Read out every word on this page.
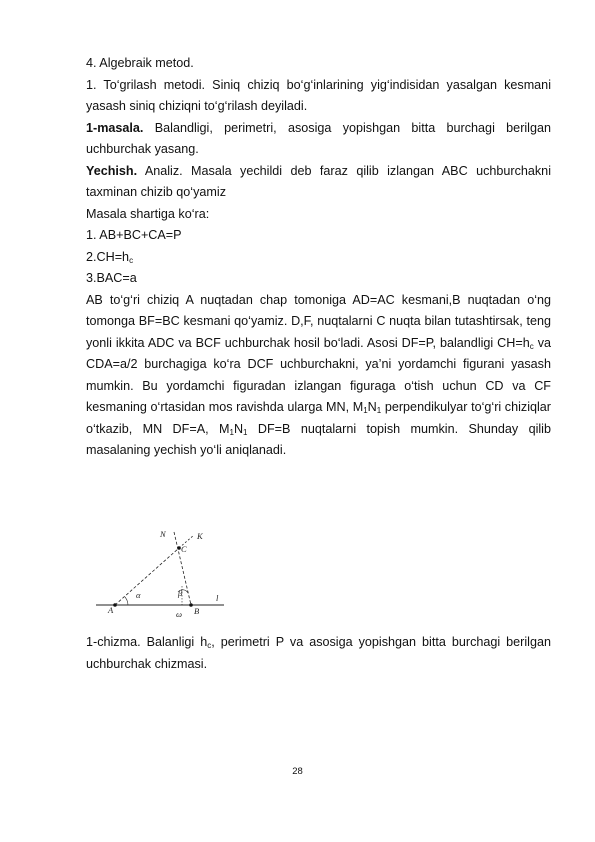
4. Algebraik metod.

1. To‘grilash metodi. Siniq chiziq bo‘g‘inlarining yig‘indisidan yasalgan kesmani yasash siniq chiziqni to‘g‘rilash deyiladi.

1-masala. Balandligi, perimetri, asosiga yopishgan bitta burchagi berilgan uchburchak yasang.

Yechish. Analiz. Masala yechildi deb faraz qilib izlangan ABC uchburchakni taxminan chizib qo‘yamiz

Masala shartiga ko‘ra:

1. AB+BC+CA=P

$2.CH=h_c$

3.BAC=a

AB to‘g‘ri chiziq A nuqtadan chap tomoniga AD=AC kesmani,B nuqtadan o‘ng tomonga BF=BC kesmani qo‘yamiz. D,F, nuqtalarni C nuqta bilan tutashtirsak, teng yonli ikkita ADC va BCF uchburchak hosil bo‘ladi. Asosi DF=P, balandligi $CH=h_c$ va CDA=a/2 burchagiga ko‘ra DCF uchburchakni, ya’ni yordamchi figurani yasash mumkin. Bu yordamchi figuradan izlangan figuraga o‘tish uchun CD va CF kesmaning o‘rtasidan mos ravishda ularga MN, $M_1N_1$ perpendikulyar to‘g‘ri chiziqlar o‘tkazib, MN DF=A, $M_1N_1$ DF=B nuqtalarni topish mumkin. Shunday qilib masalaning yechish yo‘li aniqlanadi.

N	K
C
α	β	l
A	B
ω

1-chizma. Balanligi $h_c$, perimetri P va asosiga yopishgan bitta burchagi berilgan uchburchak chizmasi.

28
